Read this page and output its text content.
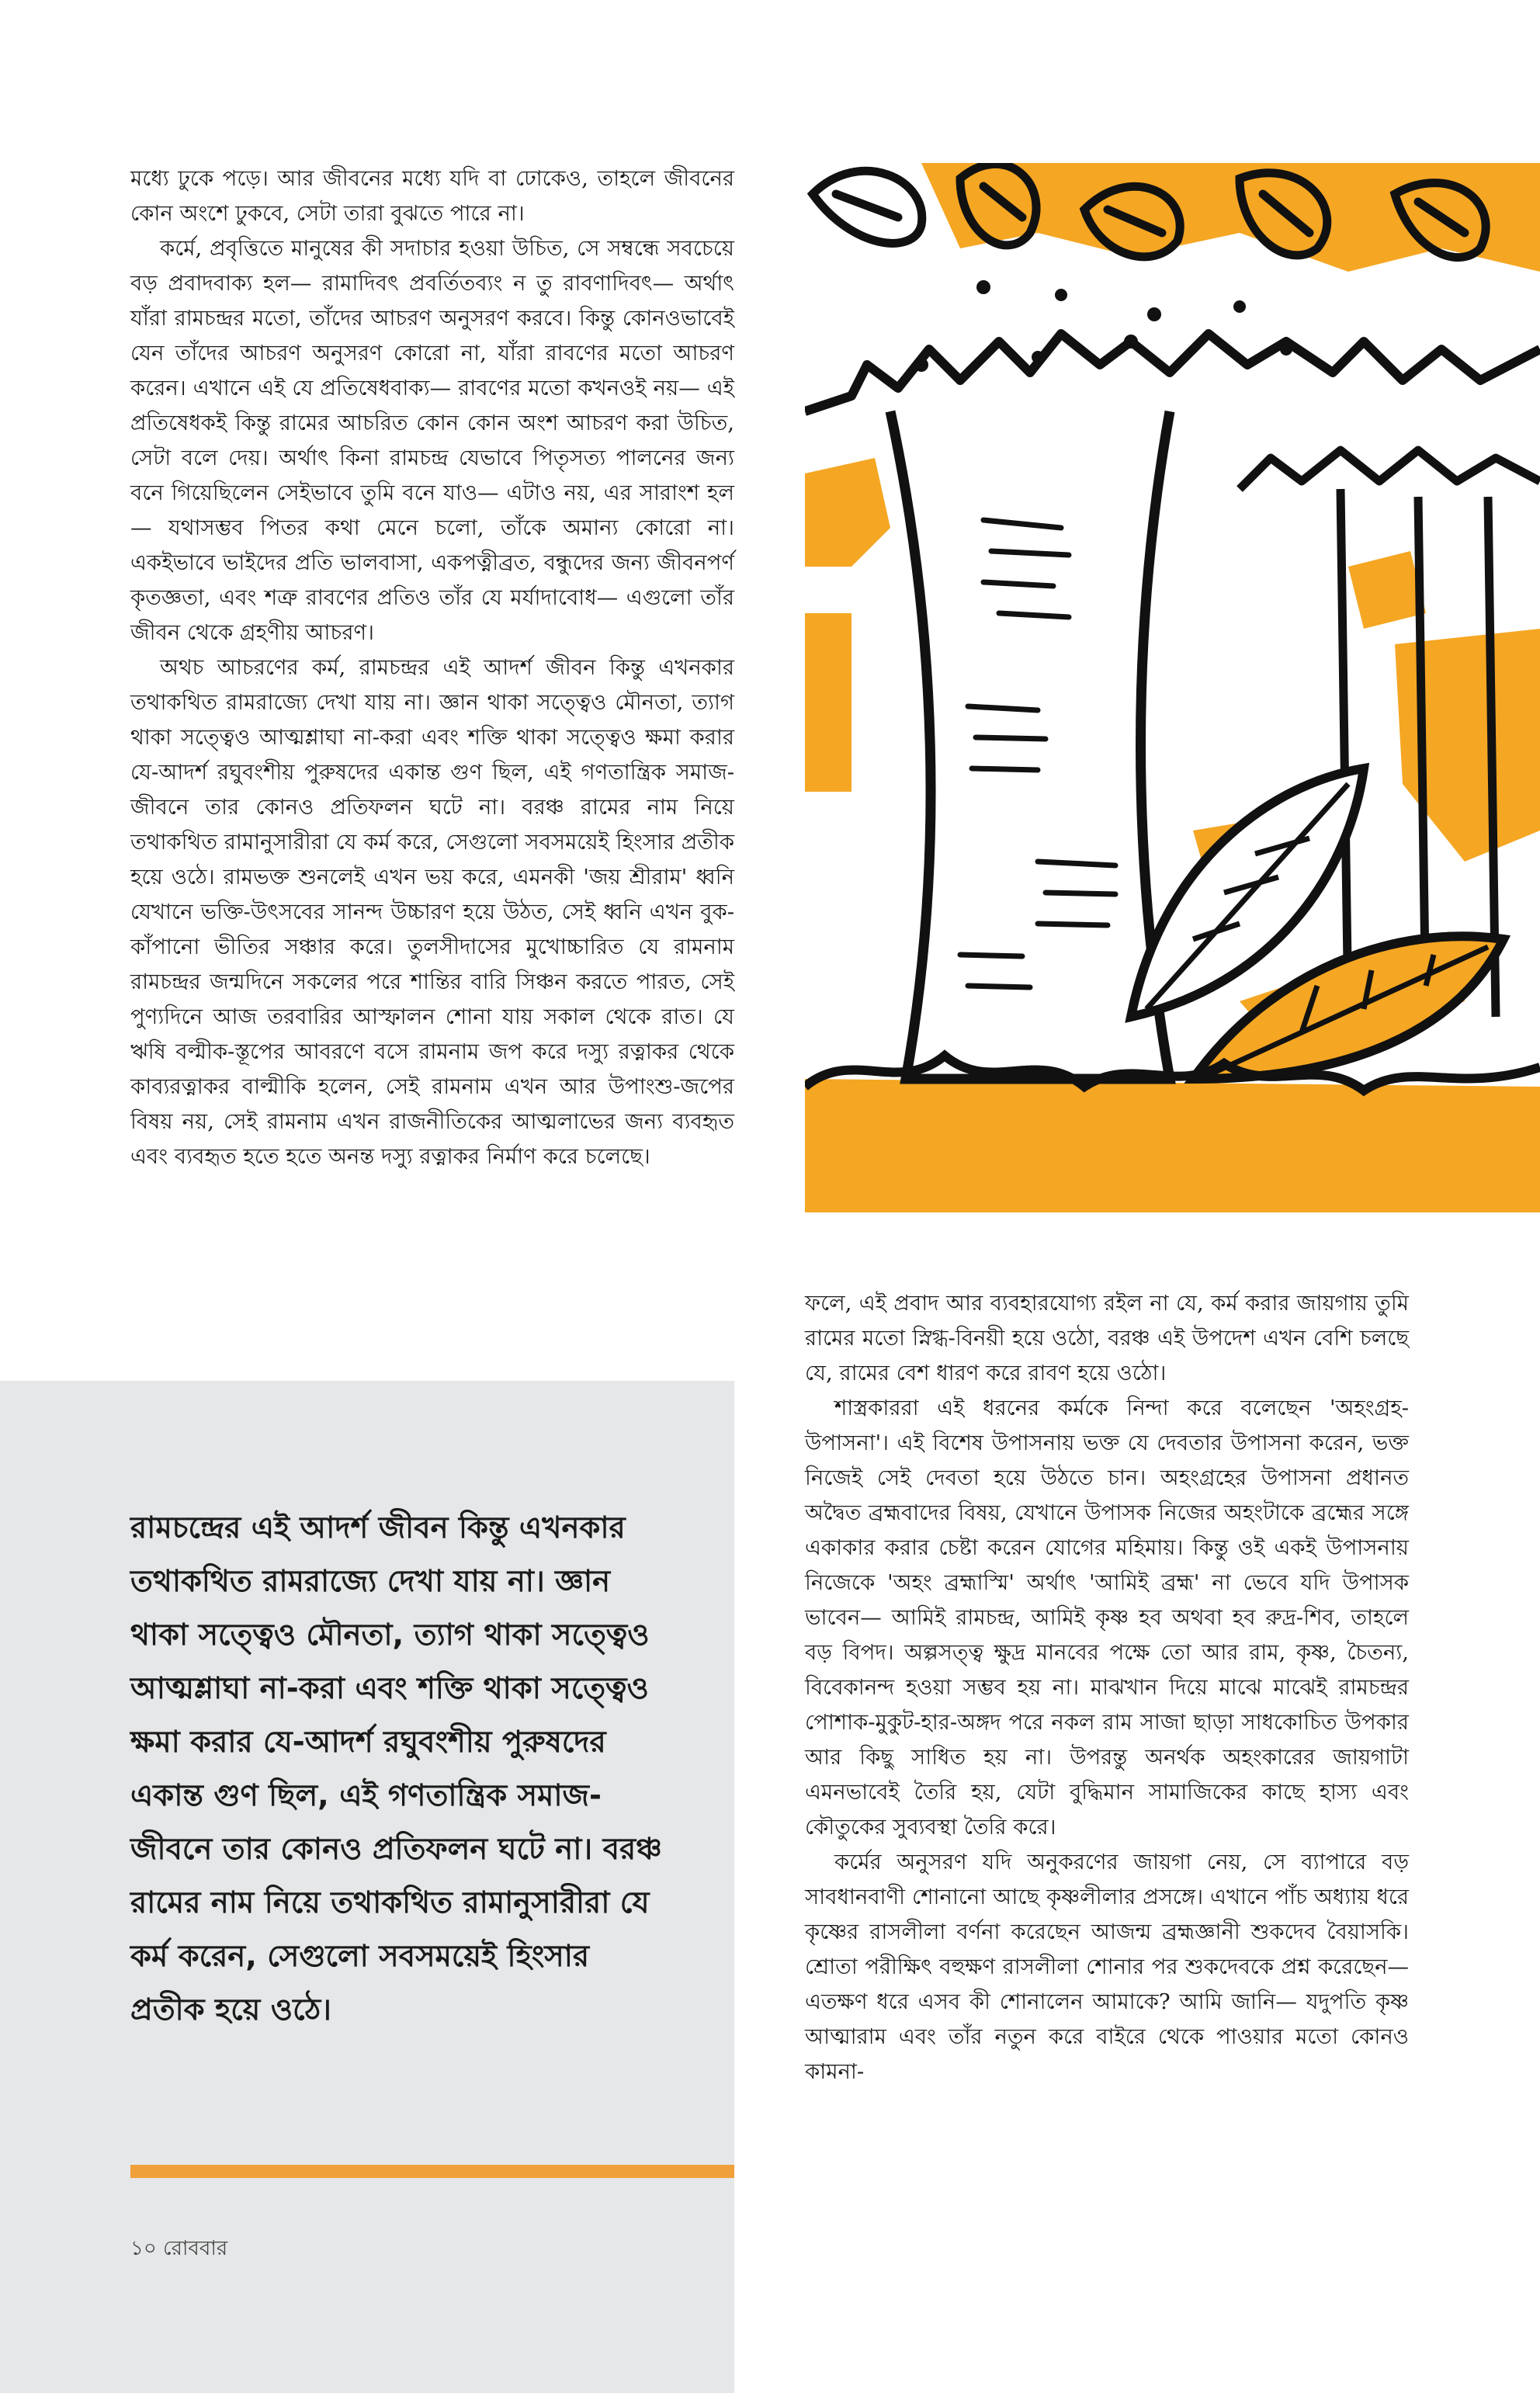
মধ্যে ঢুকে পড়ে। আর জীবনের মধ্যে যদি বা ঢোকেও, তাহলে জীবনের কোন অংশে ঢুকবে, সেটা তারা বুঝতে পারে না।

কর্মে, প্রবৃত্তিতে মানুষের কী সদাচার হওয়া উচিত, সে সম্বন্ধে সবচেয়ে বড় প্রবাদবাক্য হল— রামাদিবৎ প্রবর্তিতব্যং ন তু রাবণাদিবৎ— অর্থাৎ যাঁরা রামচন্দ্রর মতো, তাঁদের আচরণ অনুসরণ করবে। কিন্তু কোনওভাবেই যেন তাঁদের আচরণ অনুসরণ কোরো না, যাঁরা রাবণের মতো আচরণ করেন। এখানে এই যে প্রতিষেধবাক্য— রাবণের মতো কখনওই নয়— এই প্রতিষেধকই কিন্তু রামের আচরিত কোন কোন অংশ আচরণ করা উচিত, সেটা বলে দেয়। অর্থাৎ কিনা রামচন্দ্র যেভাবে পিতৃসত্য পালনের জন্য বনে গিয়েছিলেন সেইভাবে তুমি বনে যাও— এটাও নয়, এর সারাংশ হল— যথাসম্ভব পিতর কথা মেনে চলো, তাঁকে অমান্য কোরো না। একইভাবে ভাইদের প্রতি ভালবাসা, একপত্নীব্রত, বন্ধুদের জন্য জীবনপর্ণ কৃতজ্ঞতা, এবং শত্রু রাবণের প্রতিও তাঁর যে মর্যাদাবোধ— এগুলো তাঁর জীবন থেকে গ্রহণীয় আচরণ।

অথচ আচরণের কর্ম, রামচন্দ্রর এই আদর্শ জীবন কিন্তু এখনকার তথাকথিত রামরাজ্যে দেখা যায় না। জ্ঞান থাকা সত্ত্বেও মৌনতা, ত্যাগ থাকা সত্ত্বেও আত্মশ্লাঘা না-করা এবং শক্তি থাকা সত্ত্বেও ক্ষমা করার যে-আদর্শ রঘুবংশীয় পুরুষদের একান্ত গুণ ছিল, এই গণতান্ত্রিক সমাজ-জীবনে তার কোনও প্রতিফলন ঘটে না। বরঞ্চ রামের নাম নিয়ে তথাকথিত রামানুসারীরা যে কর্ম করে, সেগুলো সবসময়েই হিংসার প্রতীক হয়ে ওঠে। রামভক্ত শুনলেই এখন ভয় করে, এমনকী 'জয় শ্রীরাম' ধ্বনি যেখানে ভক্তি-উৎসবের সানন্দ উচ্চারণ হয়ে উঠত, সেই ধ্বনি এখন বুক-কাঁপানো ভীতির সঞ্চার করে। তুলসীদাসের মুখোচ্চারিত যে রামনাম রামচন্দ্রর জন্মদিনে সকলের পরে শান্তির বারি সিঞ্চন করতে পারত, সেই পুণ্যদিনে আজ তরবারির আস্ফালন শোনা যায় সকাল থেকে রাত। যে ঋষি বল্মীক-স্তূপের আবরণে বসে রামনাম জপ করে দস্যু রত্নাকর থেকে কাব্যরত্নাকর বাল্মীকি হলেন, সেই রামনাম এখন আর উপাংশু-জপের বিষয় নয়, সেই রামনাম এখন রাজনীতিকের আত্মলাভের জন্য ব্যবহৃত এবং ব্যবহৃত হতে হতে অনন্ত দস্যু রত্নাকর নির্মাণ করে চলেছে।

রামচন্দ্রের এই আদর্শ জীবন কিন্তু এখনকার তথাকথিত রামরাজ্যে দেখা যায় না। জ্ঞান থাকা সত্ত্বেও মৌনতা, ত্যাগ থাকা সত্ত্বেও আত্মশ্লাঘা না-করা এবং শক্তি থাকা সত্ত্বেও ক্ষমা করার যে-আদর্শ রঘুবংশীয় পুরুষদের একান্ত গুণ ছিল, এই গণতান্ত্রিক সমাজ-জীবনে তার কোনও প্রতিফলন ঘটে না। বরঞ্চ রামের নাম নিয়ে তথাকথিত রামানুসারীরা যে কর্ম করেন, সেগুলো সবসময়েই হিংসার প্রতীক হয়ে ওঠে।
১০ রোববার

ফলে, এই প্রবাদ আর ব্যবহারযোগ্য রইল না যে, কর্ম করার জায়গায় তুমি রামের মতো স্নিগ্ধ-বিনয়ী হয়ে ওঠো, বরঞ্চ এই উপদেশ এখন বেশি চলছে যে, রামের বেশ ধারণ করে রাবণ হয়ে ওঠো।

শাস্ত্রকাররা এই ধরনের কর্মকে নিন্দা করে বলেছেন 'অহংগ্রহ-উপাসনা'। এই বিশেষ উপাসনায় ভক্ত যে দেবতার উপাসনা করেন, ভক্ত নিজেই সেই দেবতা হয়ে উঠতে চান। অহংগ্রহের উপাসনা প্রধানত অদ্বৈত ব্রহ্মবাদের বিষয়, যেখানে উপাসক নিজের অহংটাকে ব্রহ্মের সঙ্গে একাকার করার চেষ্টা করেন যোগের মহিমায়। কিন্তু ওই একই উপাসনায় নিজেকে 'অহং ব্রহ্মাস্মি' অর্থাৎ 'আমিই ব্রহ্ম' না ভেবে যদি উপাসক ভাবেন— আমিই রামচন্দ্র, আমিই কৃষ্ণ হব অথবা হব রুদ্র-শিব, তাহলে বড় বিপদ। অল্পসত্ত্ব ক্ষুদ্র মানবের পক্ষে তো আর রাম, কৃষ্ণ, চৈতন্য, বিবেকানন্দ হওয়া সম্ভব হয় না। মাঝখান দিয়ে মাঝে মাঝেই রামচন্দ্রর পোশাক-মুকুট-হার-অঙ্গদ পরে নকল রাম সাজা ছাড়া সাধকোচিত উপকার আর কিছু সাধিত হয় না। উপরন্তু অনর্থক অহংকারের জায়গাটা এমনভাবেই তৈরি হয়, যেটা বুদ্ধিমান সামাজিকের কাছে হাস্য এবং কৌতুকের সুব্যবস্থা তৈরি করে।

কর্মের অনুসরণ যদি অনুকরণের জায়গা নেয়, সে ব্যাপারে বড় সাবধানবাণী শোনানো আছে কৃষ্ণলীলার প্রসঙ্গে। এখানে পাঁচ অধ্যায় ধরে কৃষ্ণের রাসলীলা বর্ণনা করেছেন আজন্ম ব্রহ্মজ্ঞানী শুকদেব বৈয়াসকি। শ্রোতা পরীক্ষিৎ বহুক্ষণ রাসলীলা শোনার পর শুকদেবকে প্রশ্ন করেছেন— এতক্ষণ ধরে এসব কী শোনালেন আমাকে? আমি জানি— যদুপতি কৃষ্ণ আত্মারাম এবং তাঁর নতুন করে বাইরে থেকে পাওয়ার মতো কোনও কামনা-
